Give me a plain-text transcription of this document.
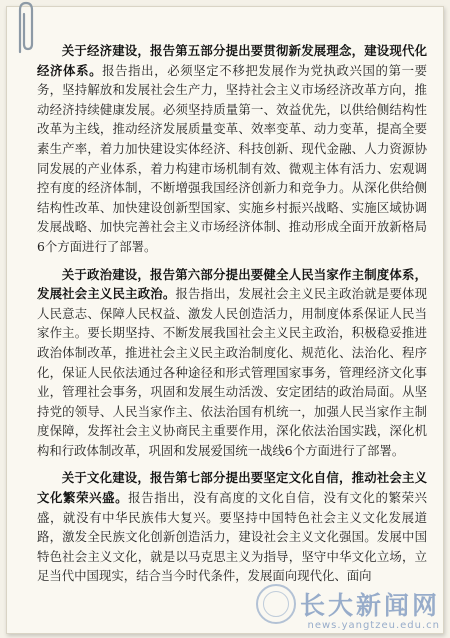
关于经济建设，报告第五部分提出要贯彻新发展理念，建设现代化经济体系。报告指出，必须坚定不移把发展作为党执政兴国的第一要务，坚持解放和发展社会生产力，坚持社会主义市场经济改革方向，推动经济持续健康发展。必须坚持质量第一、效益优先，以供给侧结构性改革为主线，推动经济发展质量变革、效率变革、动力变革，提高全要素生产率，着力加快建设实体经济、科技创新、现代金融、人力资源协同发展的产业体系，着力构建市场机制有效、微观主体有活力、宏观调控有度的经济体制，不断增强我国经济创新力和竞争力。从深化供给侧结构性改革、加快建设创新型国家、实施乡村振兴战略、实施区域协调发展战略、加快完善社会主义市场经济体制、推动形成全面开放新格局6个方面进行了部署。

关于政治建设，报告第六部分提出要健全人民当家作主制度体系，发展社会主义民主政治。报告指出，发展社会主义民主政治就是要体现人民意志、保障人民权益、激发人民创造活力，用制度体系保证人民当家作主。要长期坚持、不断发展我国社会主义民主政治，积极稳妥推进政治体制改革，推进社会主义民主政治制度化、规范化、法治化、程序化，保证人民依法通过各种途径和形式管理国家事务，管理经济文化事业，管理社会事务，巩固和发展生动活泼、安定团结的政治局面。从坚持党的领导、人民当家作主、依法治国有机统一，加强人民当家作主制度保障，发挥社会主义协商民主重要作用，深化依法治国实践，深化机构和行政体制改革，巩固和发展爱国统一战线6个方面进行了部署。

关于文化建设，报告第七部分提出要坚定文化自信，推动社会主义文化繁荣兴盛。报告指出，没有高度的文化自信，没有文化的繁荣兴盛，就没有中华民族伟大复兴。要坚持中国特色社会主义文化发展道路，激发全民族文化创新创造活力，建设社会主义文化强国。发展中国特色社会主义文化，就是以马克思主义为指导，坚守中华文化立场，立足当代中国现实，结合当今时代条件，发展面向现代化、面向

长大新闻网
news.yangtzeu.edu.cn
